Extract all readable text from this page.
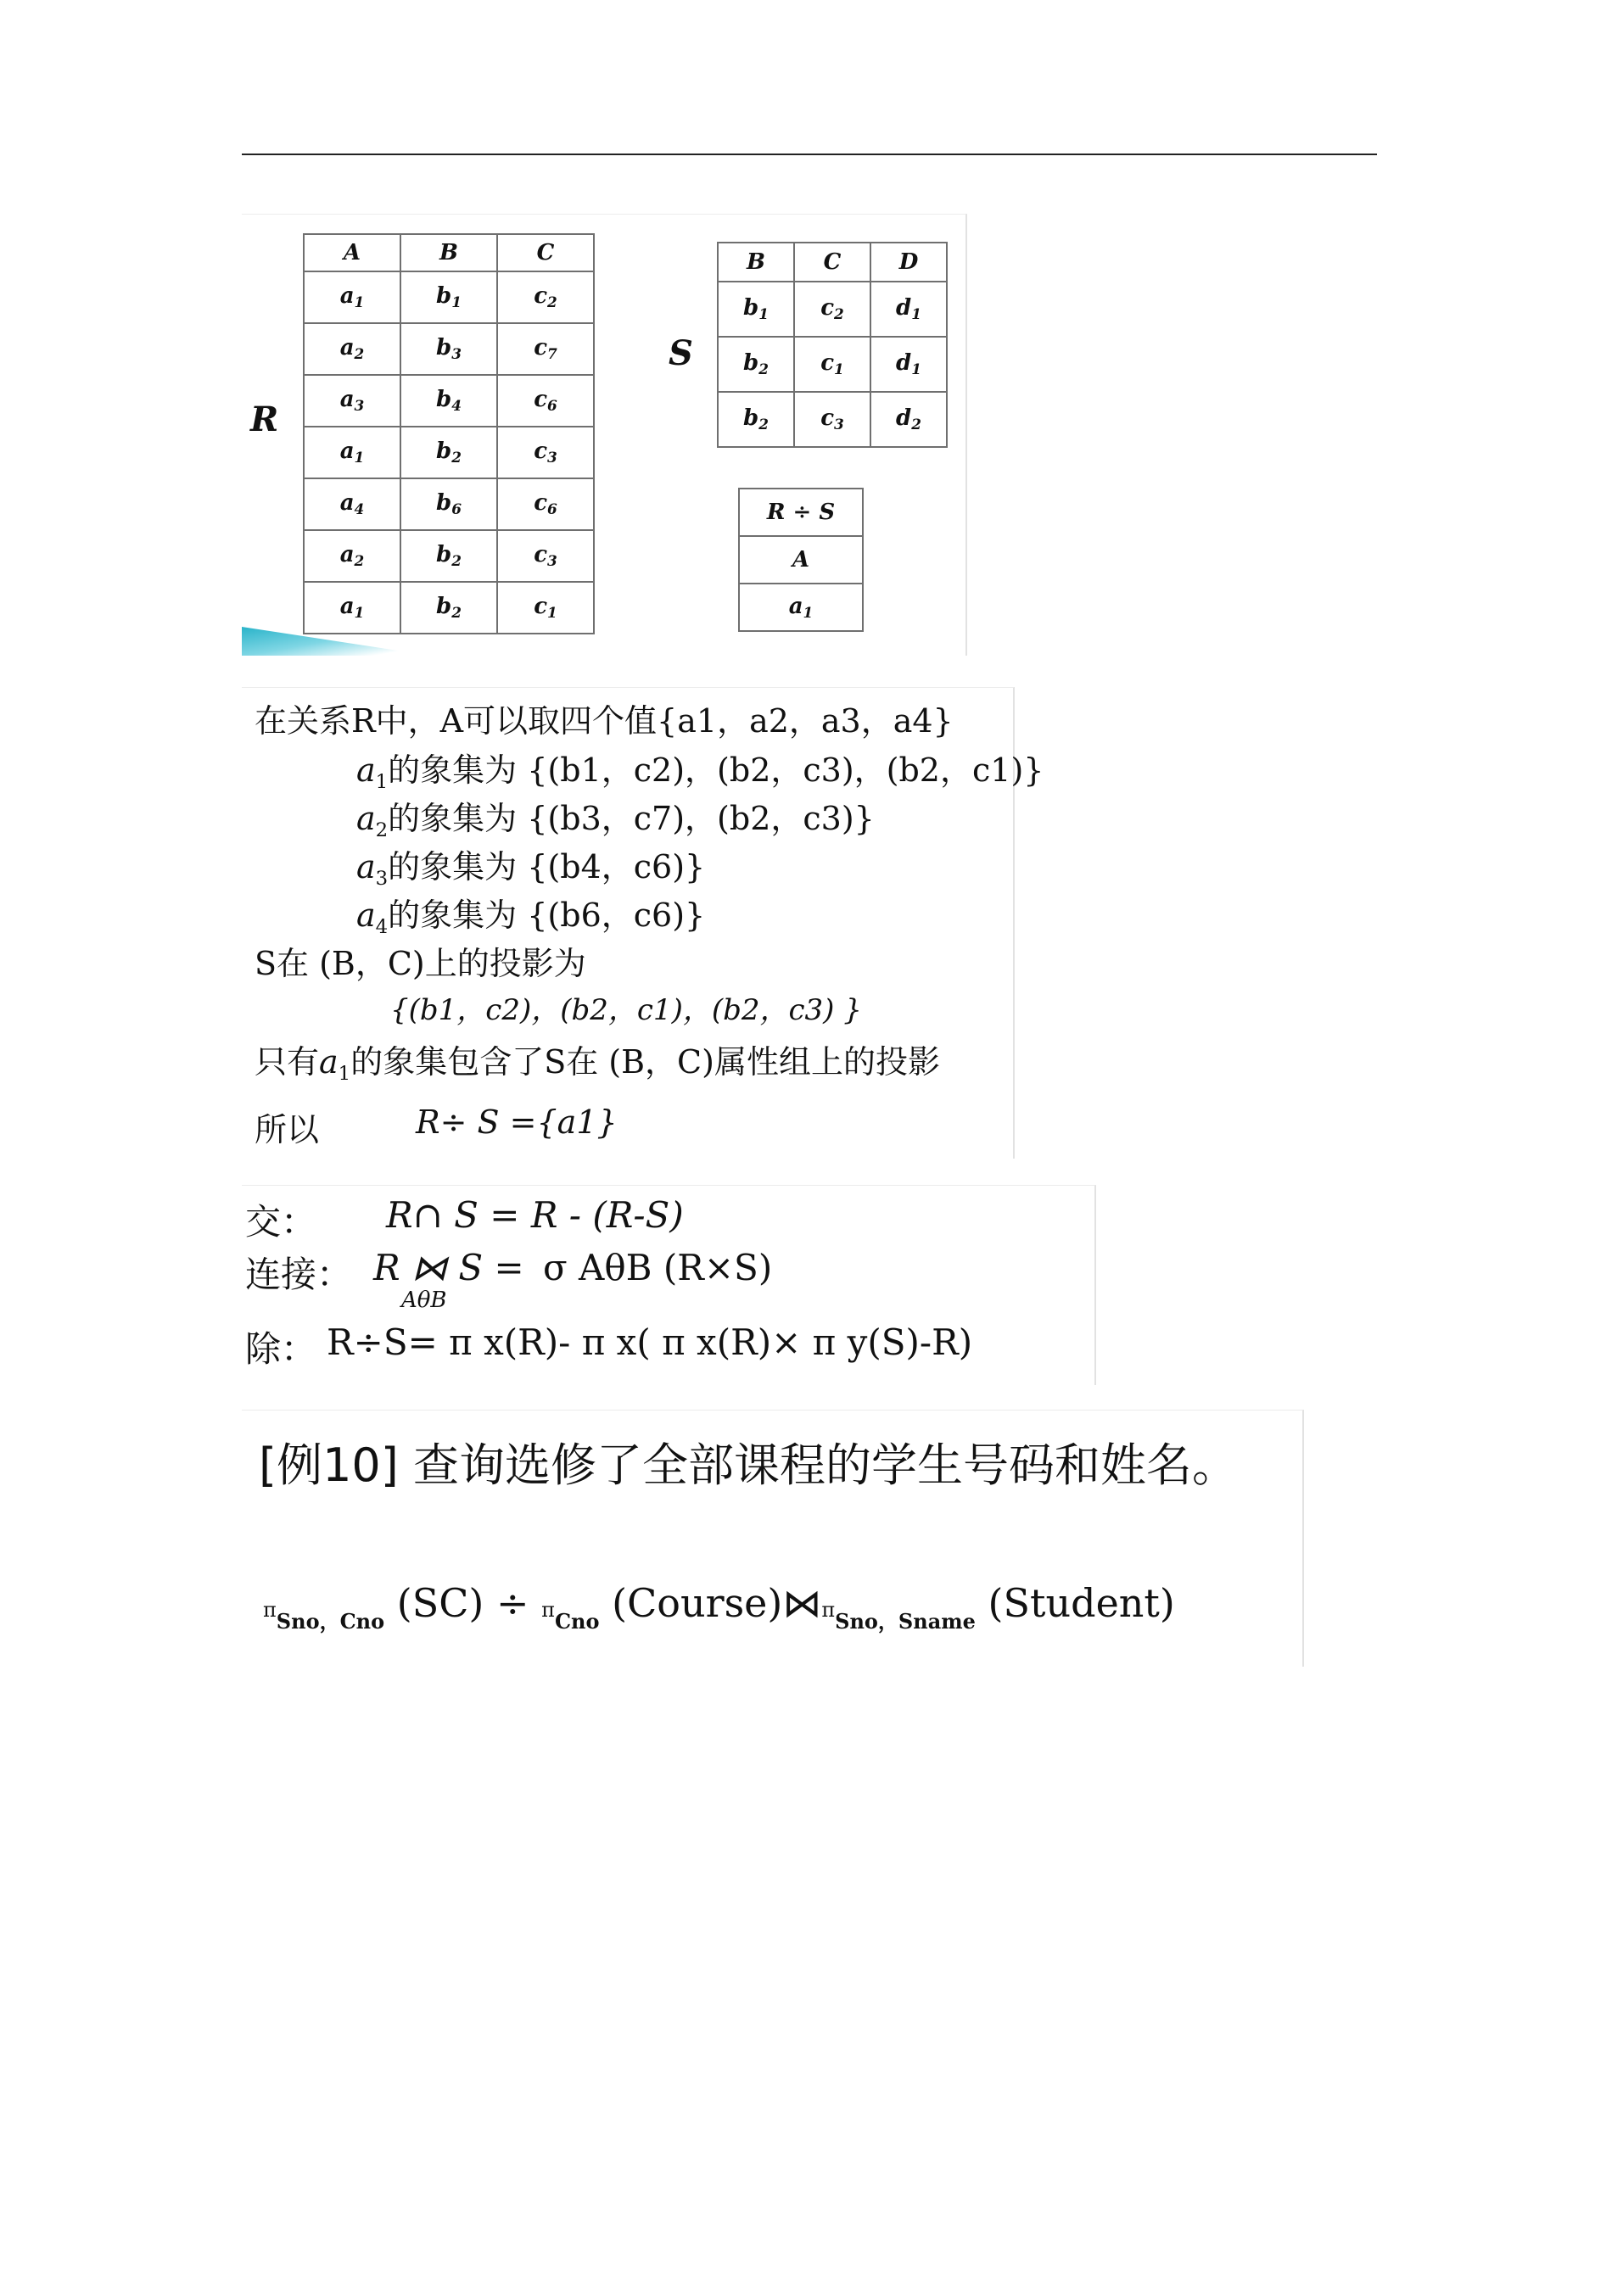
R
A	B	C
$a_1$	$b_1$	$c_2$
$a_2$	$b_3$	$c_7$
$a_3$	$b_4$	$c_6$
$a_1$	$b_2$	$c_3$
$a_4$	$b_6$	$c_6$
$a_2$	$b_2$	$c_3$
$a_1$	$b_2$	$c_1$
S
B	C	D
$b_1$	$c_2$	$d_1$
$b_2$	$c_1$	$d_1$
$b_2$	$c_3$	$d_2$
R ÷ S
A
$a_1$
在关系R中，A可以取四个值{a1，a2，a3，a4}
$a_1$的象集为 {(b1，c2)，(b2，c3)，(b2，c1)}
$a_2$的象集为 {(b3，c7)，(b2，c3)}
$a_3$的象集为 {(b4，c6)}
$a_4$的象集为 {(b6，c6)}
S在 (B，C)上的投影为
{(b1，c2)，(b2，c1)，(b2，c3) }
只有$a_1$的象集包含了S在 (B，C)属性组上的投影
所以	R÷ S ={a1}
交： R∩ S = R - (R-S)
连接： R ⋈ S =
AθB
σ AθB (R×S)
除： R÷S= π x(R)- π x( π x(R)× π y(S)-R)
[例10] 查询选修了全部课程的学生号码和姓名。
$\pi_{Sno,Cno}$ $(SC) \div \pi_{Cno}$ $(Course)⋈\pi_{Sno,Sname}$ (Student)
